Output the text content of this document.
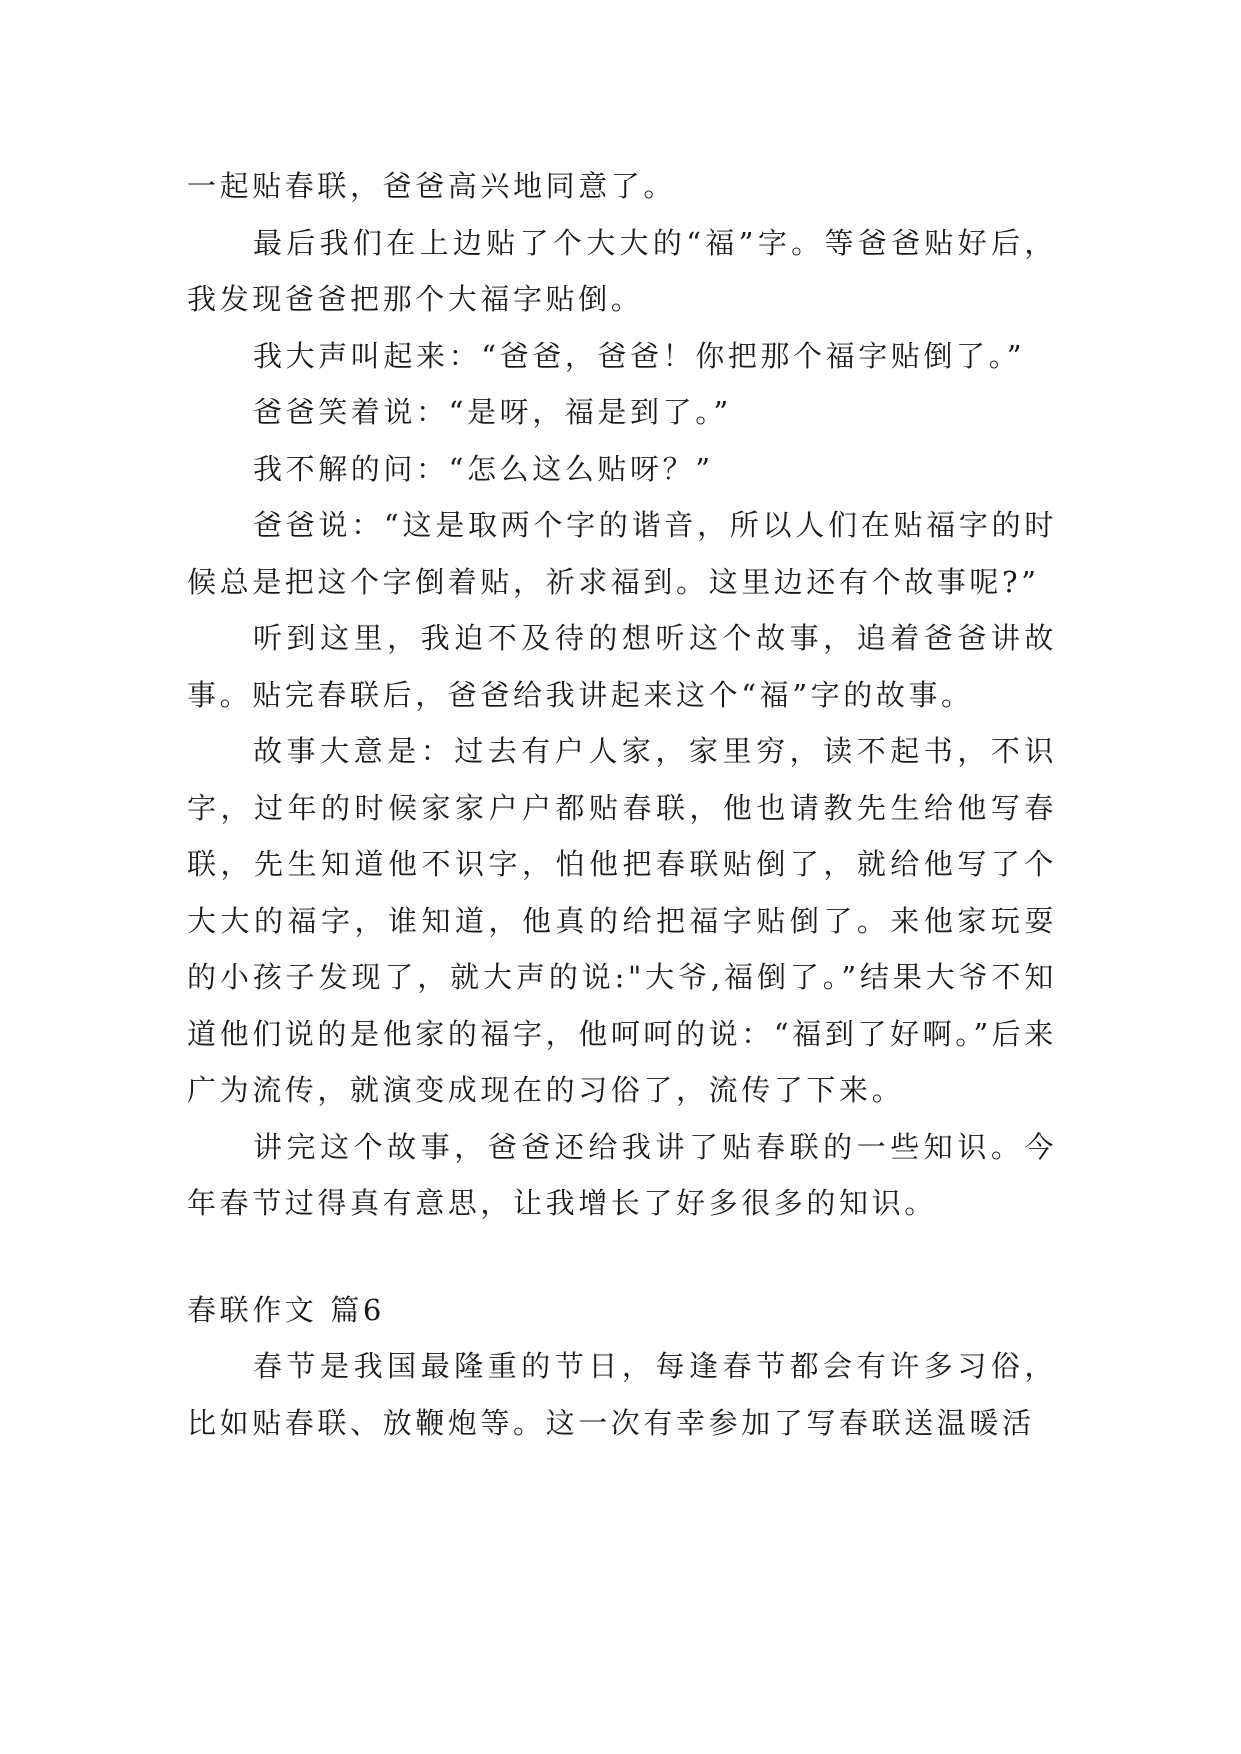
一起贴春联，爸爸高兴地同意了。

最后我们在上边贴了个大大的“福”字。等爸爸贴好后，我发现爸爸把那个大福字贴倒。

我大声叫起来：“爸爸，爸爸！你把那个福字贴倒了。”

爸爸笑着说：“是呀，福是到了。”

我不解的问：“怎么这么贴呀？”

爸爸说：“这是取两个字的谐音，所以人们在贴福字的时候总是把这个字倒着贴，祈求福到。这里边还有个故事呢?”

听到这里，我迫不及待的想听这个故事，追着爸爸讲故事。贴完春联后，爸爸给我讲起来这个“福”字的故事。

故事大意是：过去有户人家，家里穷，读不起书，不识字，过年的时候家家户户都贴春联，他也请教先生给他写春联，先生知道他不识字，怕他把春联贴倒了，就给他写了个大大的福字，谁知道，他真的给把福字贴倒了。来他家玩耍的小孩子发现了，就大声的说:"大爷,福倒了。”结果大爷不知道他们说的是他家的福字，他呵呵的说：“福到了好啊。”后来广为流传，就演变成现在的习俗了，流传了下来。

讲完这个故事，爸爸还给我讲了贴春联的一些知识。今年春节过得真有意思，让我增长了好多很多的知识。

春联作文 篇6

春节是我国最隆重的节日，每逢春节都会有许多习俗，比如贴春联、放鞭炮等。这一次有幸参加了写春联送温暖活
